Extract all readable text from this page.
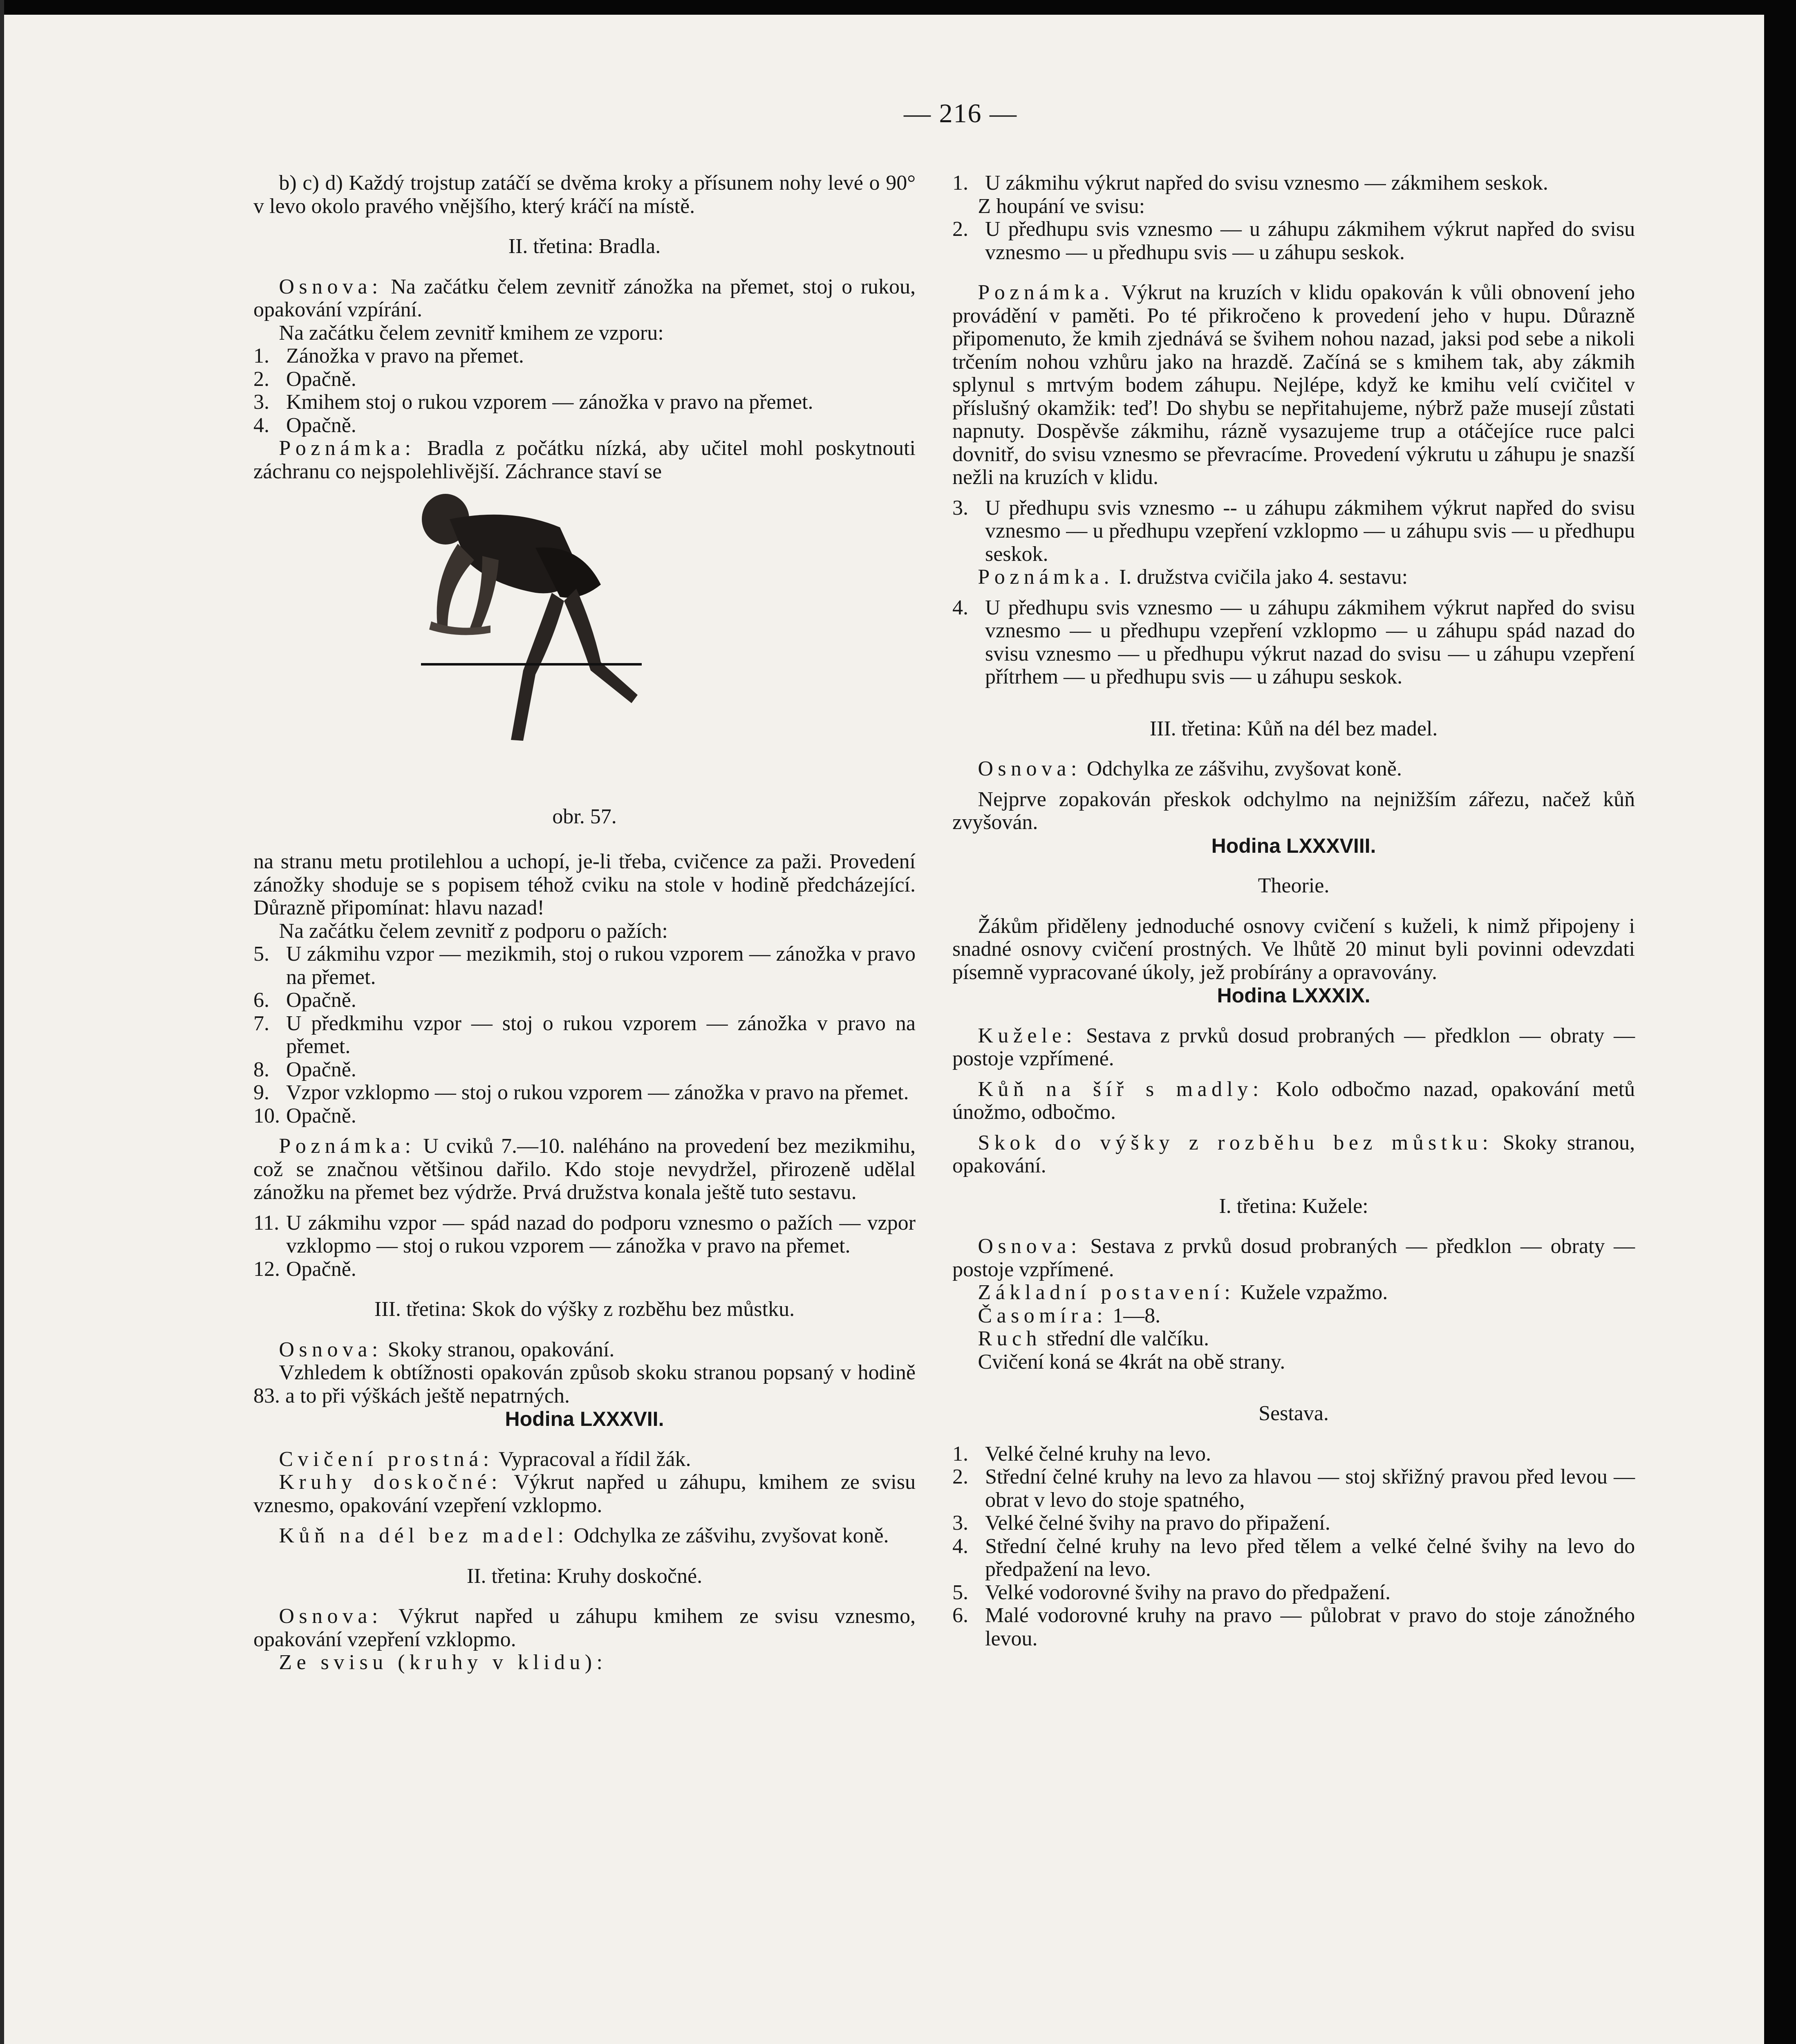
— 216 —

b) c) d) Každý trojstup zatáčí se dvěma kroky a přísunem nohy levé o 90° v levo okolo pravého vnějšího, který kráčí na místě.

II. třetina: Bradla.

Osnova: Na začátku čelem zevnitř zánožka na přemet, stoj o rukou, opakování vzpírání.

Na začátku čelem zevnitř kmihem ze vzporu:

1. Zánožka v pravo na přemet.
2. Opačně.
3. Kmihem stoj o rukou vzporem — zánožka v pravo na přemet.
4. Opačně.

Poznámka: Bradla z počátku nízká, aby učitel mohl poskytnouti záchranu co nejspolehlivější. Záchrance staví se

obr. 57.

na stranu metu protilehlou a uchopí, je-li třeba, cvičence za paži. Provedení zánožky shoduje se s popisem téhož cviku na stole v hodině předcházející. Důrazně připomínat: hlavu nazad!

Na začátku čelem zevnitř z podporu o pažích:

5. U zákmihu vzpor — mezikmih, stoj o rukou vzporem — zánožka v pravo na přemet.
6. Opačně.
7. U předkmihu vzpor — stoj o rukou vzporem — zánožka v pravo na přemet.
8. Opačně.
9. Vzpor vzklopmo — stoj o rukou vzporem — zánožka v pravo na přemet.
10. Opačně.

Poznámka: U cviků 7.—10. naléháno na provedení bez mezikmihu, což se značnou většinou dařilo. Kdo stoje nevydržel, přirozeně udělal zánožku na přemet bez výdrže. Prvá družstva konala ještě tuto sestavu.

11. U zákmihu vzpor — spád nazad do podporu vznesmo o pažích — vzpor vzklopmo — stoj o rukou vzporem — zánožka v pravo na přemet.
12. Opačně.

III. třetina: Skok do výšky z rozběhu bez můstku.

Osnova: Skoky stranou, opakování.

Vzhledem k obtížnosti opakován způsob skoku stranou popsaný v hodině 83. a to při výškách ještě nepatrných.

Hodina LXXXVII.

Cvičení prostná: Vypracoval a řídil žák.

Kruhy doskočné: Výkrut napřed u záhupu, kmihem ze svisu vznesmo, opakování vzepření vzklopmo.

Kůň na dél bez madel: Odchylka ze zášvihu, zvyšovat koně.

II. třetina: Kruhy doskočné.

Osnova: Výkrut napřed u záhupu kmihem ze svisu vznesmo, opakování vzepření vzklopmo.

Ze svisu (kruhy v klidu):

1. U zákmihu výkrut napřed do svisu vznesmo — zákmihem seskok.

Z houpání ve svisu:

2. U předhupu svis vznesmo — u záhupu zákmihem výkrut napřed do svisu vznesmo — u předhupu svis — u záhupu seskok.

Poznámka. Výkrut na kruzích v klidu opakován k vůli obnovení jeho provádění v paměti. Po té přikročeno k provedení jeho v hupu. Důrazně připomenuto, že kmih zjednává se švihem nohou nazad, jaksi pod sebe a nikoli trčením nohou vzhůru jako na hrazdě. Začíná se s kmihem tak, aby zákmih splynul s mrtvým bodem záhupu. Nejlépe, když ke kmihu velí cvičitel v příslušný okamžik: teď! Do shybu se nepřitahujeme, nýbrž paže musejí zůstati napnuty. Dospěvše zákmihu, rázně vysazujeme trup a otáčejíce ruce palci dovnitř, do svisu vznesmo se převracíme. Provedení výkrutu u záhupu je snazší nežli na kruzích v klidu.

3. U předhupu svis vznesmo -- u záhupu zákmihem výkrut napřed do svisu vznesmo — u předhupu vzepření vzklopmo — u záhupu svis — u předhupu seskok.

Poznámka. I. družstva cvičila jako 4. sestavu:

4. U předhupu svis vznesmo — u záhupu zákmihem výkrut napřed do svisu vznesmo — u předhupu vzepření vzklopmo — u záhupu spád nazad do svisu vznesmo — u předhupu výkrut nazad do svisu — u záhupu vzepření přítrhem — u předhupu svis — u záhupu seskok.

III. třetina: Kůň na dél bez madel.

Osnova: Odchylka ze zášvihu, zvyšovat koně.

Nejprve zopakován přeskok odchylmo na nejnižším zářezu, načež kůň zvyšován.

Hodina LXXXVIII.

Theorie.

Žákům přiděleny jednoduché osnovy cvičení s kuželi, k nimž připojeny i snadné osnovy cvičení prostných. Ve lhůtě 20 minut byli povinni odevzdati písemně vypracované úkoly, jež probírány a opravovány.

Hodina LXXXIX.

Kužele: Sestava z prvků dosud probraných — předklon — obraty — postoje vzpřímené.

Kůň na šíř s madly: Kolo odbočmo nazad, opakování metů únožmo, odbočmo.

Skok do výšky z rozběhu bez můstku: Skoky stranou, opakování.

I. třetina: Kužele:

Osnova: Sestava z prvků dosud probraných — předklon — obraty — postoje vzpřímené.

Základní postavení: Kužele vzpažmo.

Časomíra: 1—8.

Ruch střední dle valčíku.

Cvičení koná se 4krát na obě strany.

Sestava.

1. Velké čelné kruhy na levo.
2. Střední čelné kruhy na levo za hlavou — stoj skřižný pravou před levou — obrat v levo do stoje spatného,
3. Velké čelné švihy na pravo do připažení.
4. Střední čelné kruhy na levo před tělem a velké čelné švihy na levo do předpažení na levo.
5. Velké vodorovné švihy na pravo do předpažení.
6. Malé vodorovné kruhy na pravo — půlobrat v pravo do stoje zánožného levou.
